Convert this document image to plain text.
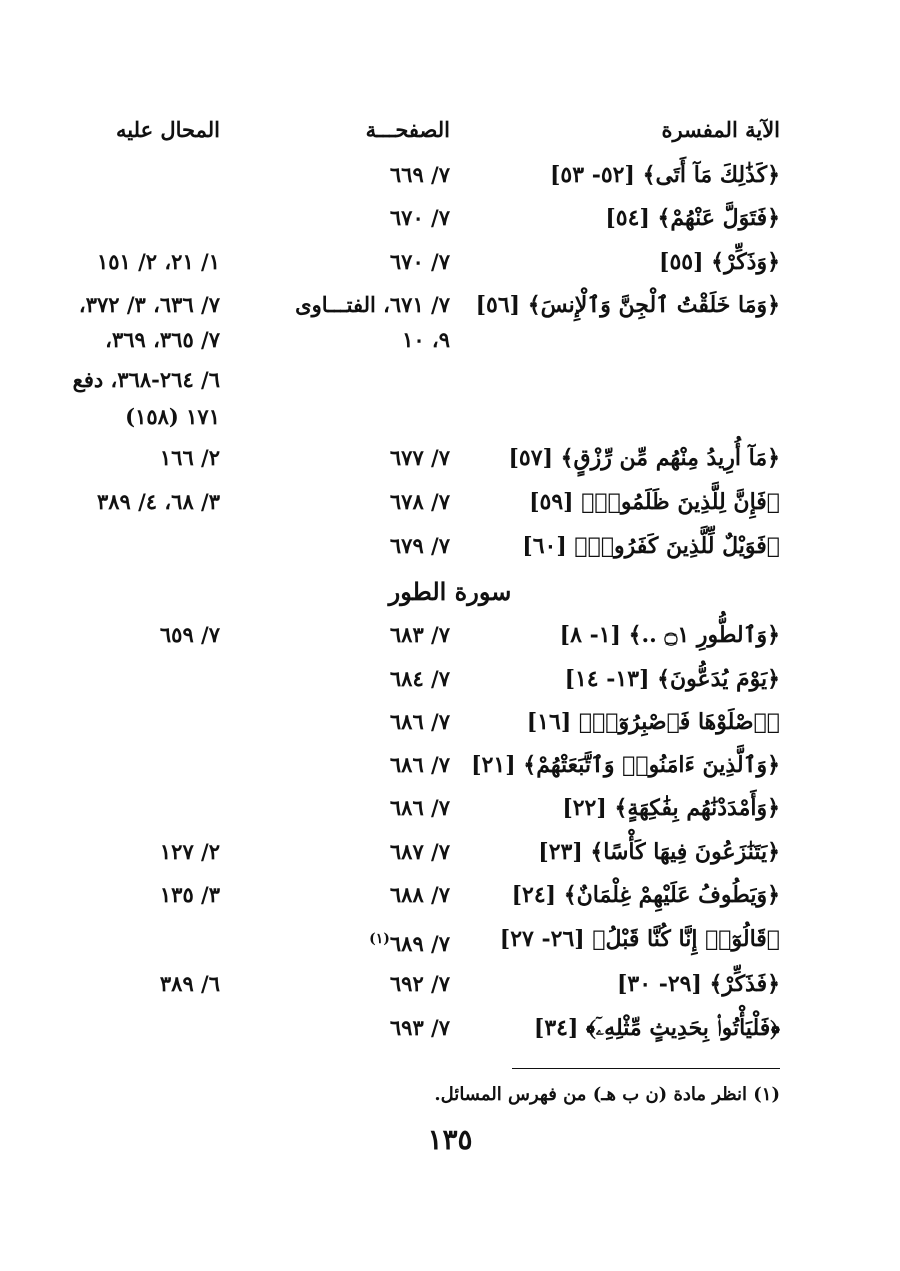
الآية المفسرة
الصفحـــة
المحال عليه
﴿كَذَٰلِكَ مَآ أَتَى﴾ [٥٢- ٥٣]
٧/ ٦٦٩
﴿فَتَوَلَّ عَنْهُمْ﴾ [٥٤]
٧/ ٦٧٠
﴿وَذَكِّرْ﴾ [٥٥]
٧/ ٦٧٠
١/ ٢١، ٢/ ١٥١
﴿وَمَا خَلَقْتُ ٱلْجِنَّ وَٱلْإِنسَ﴾ [٥٦]
٧/ ٦٧١، الفتـــاوى
٧/ ٦٣٦، ٣/ ٣٧٢،
٩، ١٠
٧/ ٣٦٥، ٣٦٩،
٦/ ٢٦٤-٣٦٨، دفع
١٧١ (١٥٨)
﴿مَآ أُرِيدُ مِنْهُم مِّن رِّزْقٍ﴾ [٥٧]
٧/ ٦٧٧
٢/ ١٦٦
﴿فَإِنَّ لِلَّذِينَ ظَلَمُوا۟﴾ [٥٩]
٧/ ٦٧٨
٣/ ٦٨، ٤/ ٣٨٩
﴿فَوَيْلٌ لِّلَّذِينَ كَفَرُوا۟﴾ [٦٠]
٧/ ٦٧٩
سورة الطور
﴿وَٱلطُّورِ ۝١ ..﴾ [١- ٨]
٧/ ٦٨٣
٧/ ٦٥٩
﴿يَوْمَ يُدَعُّونَ﴾ [١٣- ١٤]
٧/ ٦٨٤
﴿ٱصْلَوْهَا فَٱصْبِرُوٓا۟﴾ [١٦]
٧/ ٦٨٦
﴿وَٱلَّذِينَ ءَامَنُوا۟ وَٱتَّبَعَتْهُمْ﴾ [٢١]
٧/ ٦٨٦
﴿وَأَمْدَدْنَٰهُم بِفَٰكِهَةٍ﴾ [٢٢]
٧/ ٦٨٦
﴿يَتَنَٰزَعُونَ فِيهَا كَأْسًا﴾ [٢٣]
٧/ ٦٨٧
٢/ ١٢٧
﴿وَيَطُوفُ عَلَيْهِمْ غِلْمَانٌ﴾ [٢٤]
٧/ ٦٨٨
٣/ ١٣٥
﴿قَالُوٓا۟ إِنَّا كُنَّا قَبْلُ﴾ [٢٦- ٢٧]
٧/ ٦٨٩$^{(١)}$
﴿فَذَكِّرْ﴾ [٢٩- ٣٠]
٧/ ٦٩٢
٦/ ٣٨٩
﴿فَلْيَأْتُوا۟ بِحَدِيثٍ مِّثْلِهِۦٓ﴾ [٣٤]
٧/ ٦٩٣
(١) انظر مادة (ن ب هـ) من فهرس المسائل.
١٣٥
